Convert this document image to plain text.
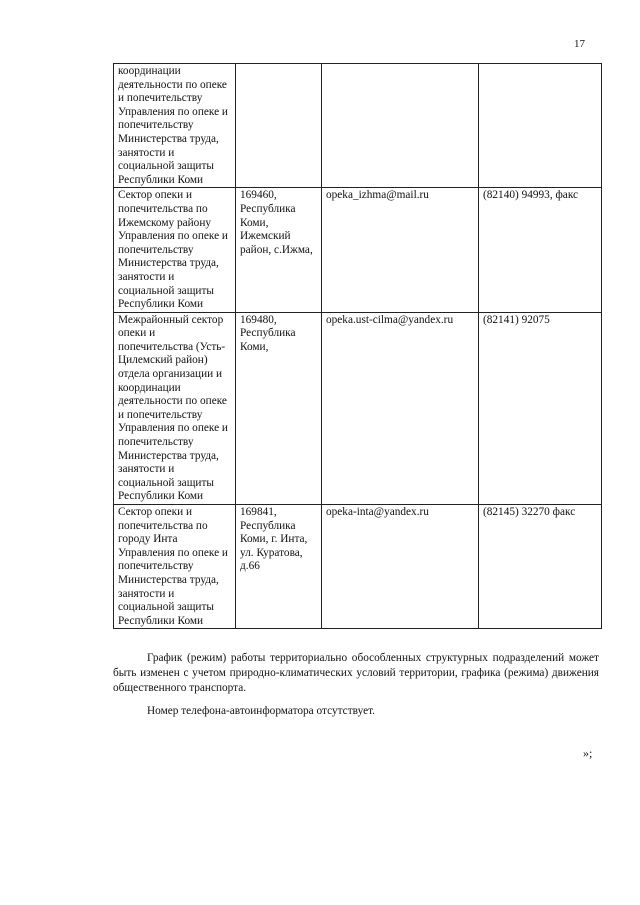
17
координации деятельности по опеке и попечительству Управления по опеке и попечительству Министерства труда, занятости и социальной защиты Республики Коми			
Сектор опеки и попечительства по Ижемскому району Управления по опеке и попечительству Министерства труда, занятости и социальной защиты Республики Коми	169460, Республика Коми, Ижемский район, с.Ижма,	opeka_izhma@mail.ru	(82140) 94993, факс
Межрайонный сектор опеки и попечительства (Усть-Цилемский район) отдела организации и координации деятельности по опеке и попечительству Управления по опеке и попечительству Министерства труда, занятости и социальной защиты Республики Коми	169480, Республика Коми,	opeka.ust-cilma@yandex.ru	(82141) 92075
Сектор опеки и попечительства по городу Инта Управления по опеке и попечительству Министерства труда, занятости и социальной защиты Республики Коми	169841, Республика Коми, г. Инта, ул. Куратова, д.66	opeka-inta@yandex.ru	(82145) 32270 факс

График (режим) работы территориально обособленных структурных подразделений может быть изменен с учетом природно-климатических условий территории, графика (режима) движения общественного транспорта.

Номер телефона-автоинформатора отсутствует.

»;
